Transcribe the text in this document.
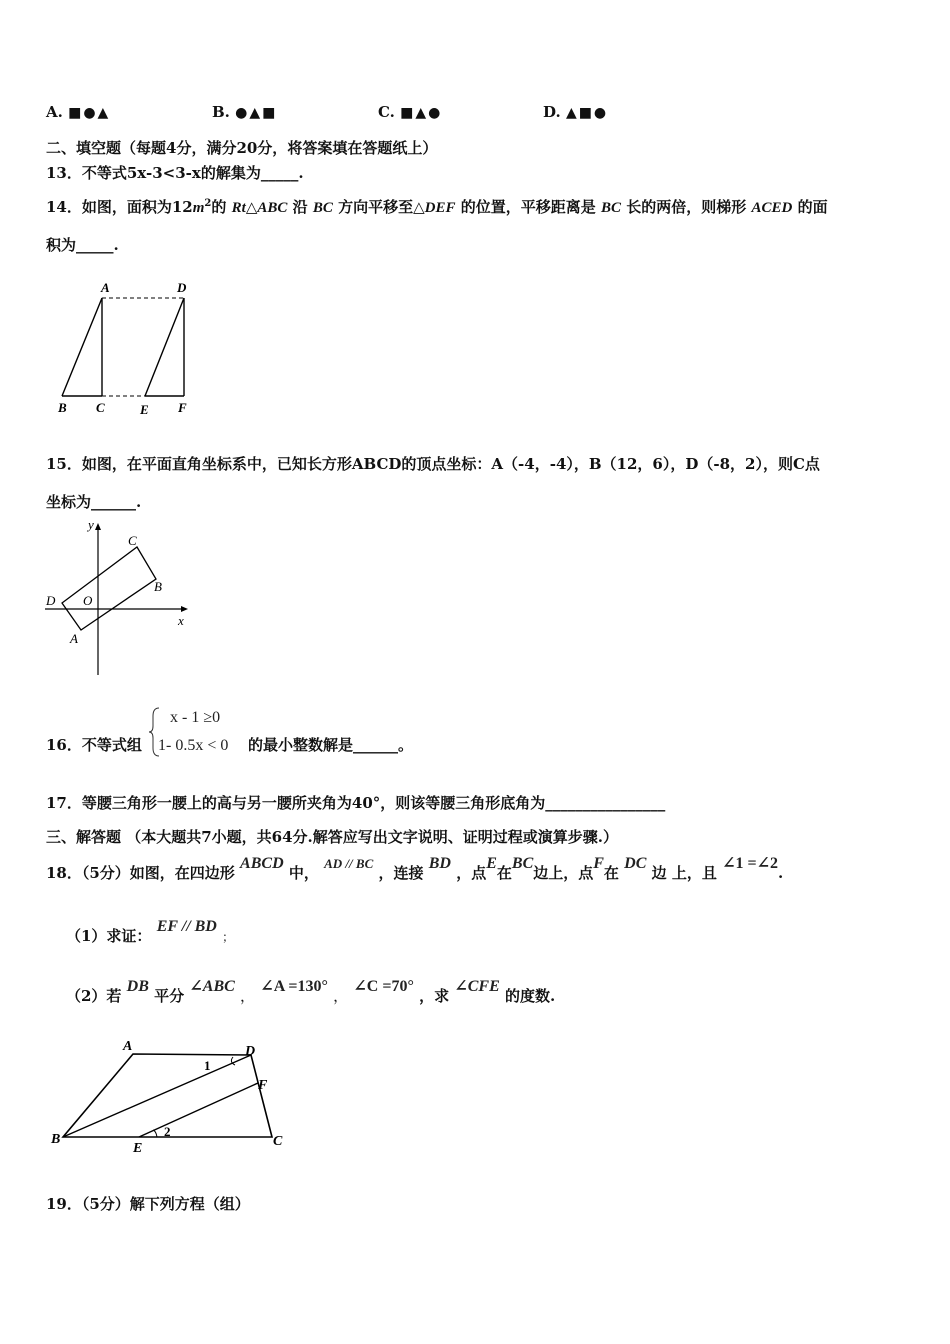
A. ■●▲	B. ●▲■	C. ■▲●	D. ▲■●
二、填空题（每题4分，满分20分，将答案填在答题纸上）
13．不等式5x-3<3-x的解集为_____.
14．如图，面积为$12m^2$的 Rt△ABC 沿 BC 方向平移至△DEF 的位置，平移距离是 BC 长的两倍，则梯形 ACED 的面
积为_____.
A	D
B C	E F
15．如图，在平面直角坐标系中，已知长方形ABCD的顶点坐标：A（-4，-4），B（12，6），D（-8，2），则C点
坐标为______.
y
x
O
C
B
D
A
16．不等式组
x - 1 ≥0
1- 0.5x < 0 的最小整数解是______。
17．等腰三角形一腰上的高与另一腰所夹角为40°，则该等腰三角形底角为________________
三、解答题 （本大题共7小题，共64分.解答应写出文字说明、证明过程或演算步骤.）
18．（5分）如图，在四边形 ABCD 中， AD // BC ，连接 BD ，点E在BC边上，点F在 DC 边 上，且 ∠1 =∠2.
（1）求证： EF // BD ；
（2）若 DB 平分 ∠ABC ， ∠A =130° ， ∠C =70° ，求 ∠CFE 的度数.
A	D
F
B
E	C
1
2
19．（5分）解下列方程（组）
